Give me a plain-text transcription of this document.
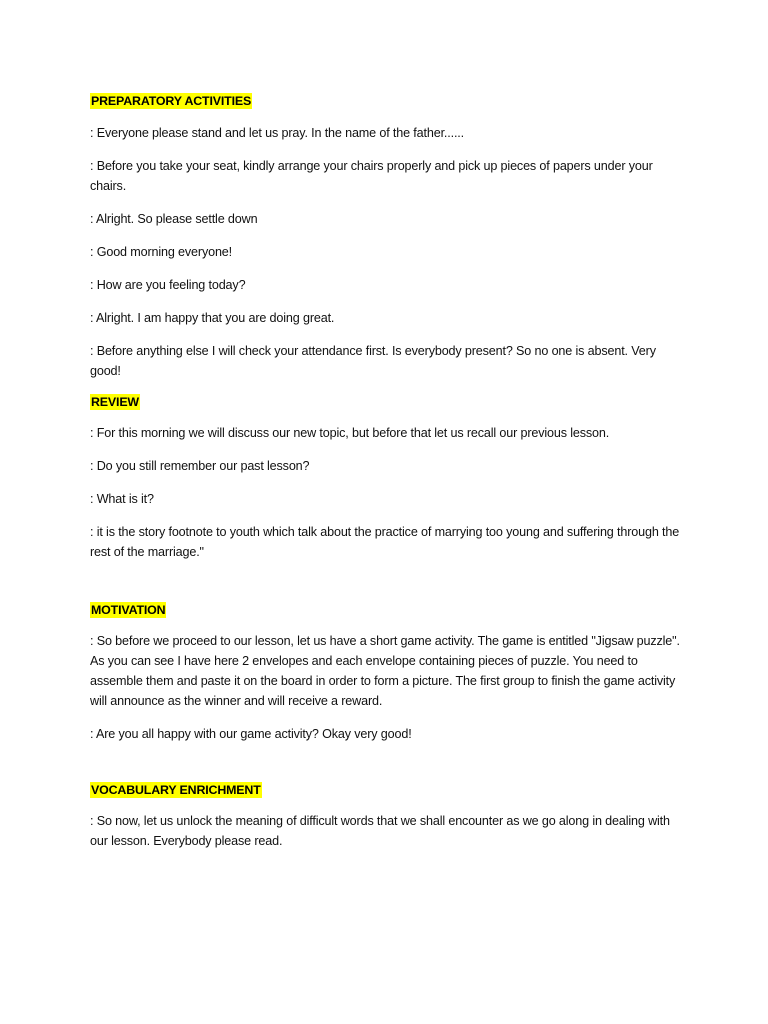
PREPARATORY ACTIVITIES

: Everyone please stand and let us pray. In the name of the father......

: Before you take your seat, kindly arrange your chairs properly and pick up pieces of papers under your chairs.

: Alright. So please settle down

: Good morning everyone!

: How are you feeling today?

: Alright. I am happy that you are doing great.

: Before anything else I will check your attendance first. Is everybody present? So no one is absent. Very good!

REVIEW

: For this morning we will discuss our new topic, but before that let us recall our previous lesson.

: Do you still remember our past lesson?

: What is it?

: it is the story footnote to youth which talk about the practice of marrying too young and suffering through the rest of the marriage."

MOTIVATION

: So before we proceed to our lesson, let us have a short game activity. The game is entitled "Jigsaw puzzle". As you can see I have here 2 envelopes and each envelope containing pieces of puzzle. You need to assemble them and paste it on the board in order to form a picture. The first group to finish the game activity will announce as the winner and will receive a reward.

: Are you all happy with our game activity? Okay very good!

VOCABULARY ENRICHMENT

: So now, let us unlock the meaning of difficult words that we shall encounter as we go along in dealing with our lesson. Everybody please read.
